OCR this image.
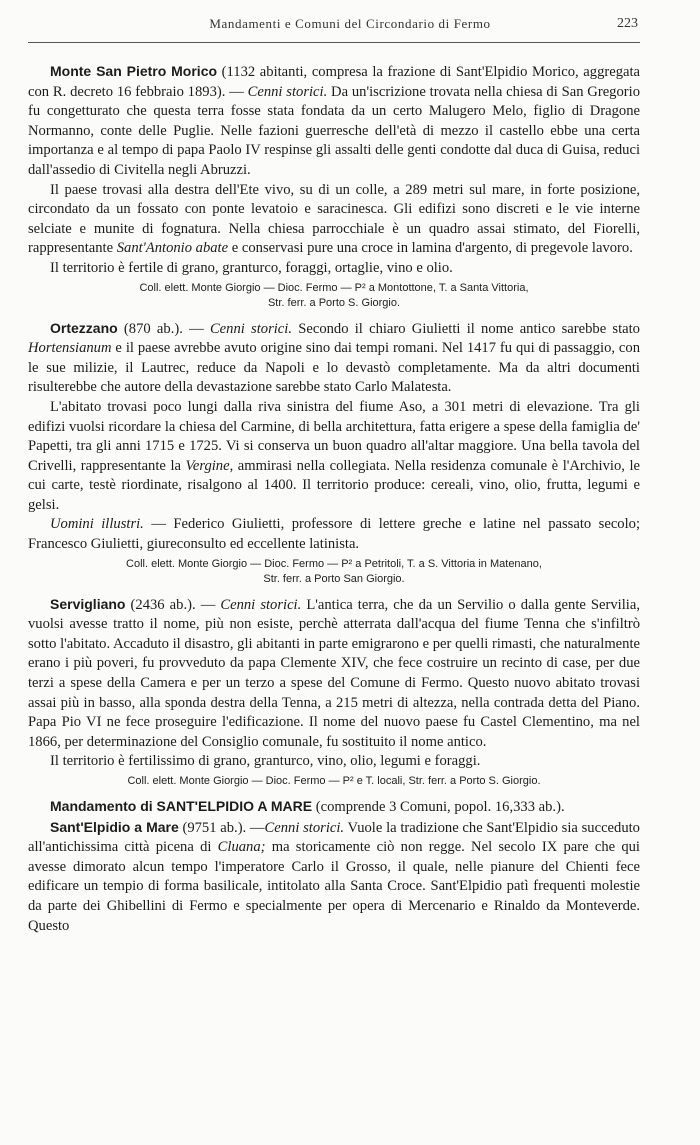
Mandamenti e Comuni del Circondario di Fermo	223

Monte San Pietro Morico (1132 abitanti, compresa la frazione di Sant'Elpidio Morico, aggregata con R. decreto 16 febbraio 1893). — Cenni storici. Da un'iscrizione trovata nella chiesa di San Gregorio fu congetturato che questa terra fosse stata fondata da un certo Malugero Melo, figlio di Dragone Normanno, conte delle Puglie. Nelle fazioni guerresche dell'età di mezzo il castello ebbe una certa importanza e al tempo di papa Paolo IV respinse gli assalti delle genti condotte dal duca di Guisa, reduci dall'assedio di Civitella negli Abruzzi.

Il paese trovasi alla destra dell'Ete vivo, su di un colle, a 289 metri sul mare, in forte posizione, circondato da un fossato con ponte levatoio e saracinesca. Gli edifizi sono discreti e le vie interne selciate e munite di fognatura. Nella chiesa parrocchiale è un quadro assai stimato, del Fiorelli, rappresentante Sant'Antonio abate e conservasi pure una croce in lamina d'argento, di pregevole lavoro.

Il territorio è fertile di grano, granturco, foraggi, ortaglie, vino e olio.

Coll. elett. Monte Giorgio — Dioc. Fermo — P² a Montottone, T. a Santa Vittoria,
Str. ferr. a Porto S. Giorgio.

Ortezzano (870 ab.). — Cenni storici. Secondo il chiaro Giulietti il nome antico sarebbe stato Hortensianum e il paese avrebbe avuto origine sino dai tempi romani. Nel 1417 fu qui di passaggio, con le sue milizie, il Lautrec, reduce da Napoli e lo devastò completamente. Ma da altri documenti risulterebbe che autore della devastazione sarebbe stato Carlo Malatesta.

L'abitato trovasi poco lungi dalla riva sinistra del fiume Aso, a 301 metri di elevazione. Tra gli edifizi vuolsi ricordare la chiesa del Carmine, di bella architettura, fatta erigere a spese della famiglia de' Papetti, tra gli anni 1715 e 1725. Vi si conserva un buon quadro all'altar maggiore. Una bella tavola del Crivelli, rappresentante la Vergine, ammirasi nella collegiata. Nella residenza comunale è l'Archivio, le cui carte, testè riordinate, risalgono al 1400. Il territorio produce: cereali, vino, olio, frutta, legumi e gelsi.

Uomini illustri. — Federico Giulietti, professore di lettere greche e latine nel passato secolo; Francesco Giulietti, giureconsulto ed eccellente latinista.

Coll. elett. Monte Giorgio — Dioc. Fermo — P² a Petritoli, T. a S. Vittoria in Matenano,
Str. ferr. a Porto San Giorgio.

Servigliano (2436 ab.). — Cenni storici. L'antica terra, che da un Servilio o dalla gente Servilia, vuolsi avesse tratto il nome, più non esiste, perchè atterrata dall'acqua del fiume Tenna che s'infiltrò sotto l'abitato. Accaduto il disastro, gli abitanti in parte emigrarono e per quelli rimasti, che naturalmente erano i più poveri, fu provveduto da papa Clemente XIV, che fece costruire un recinto di case, per due terzi a spese della Camera e per un terzo a spese del Comune di Fermo. Questo nuovo abitato trovasi assai più in basso, alla sponda destra della Tenna, a 215 metri di altezza, nella contrada detta del Piano. Papa Pio VI ne fece proseguire l'edificazione. Il nome del nuovo paese fu Castel Clementino, ma nel 1866, per determinazione del Consiglio comunale, fu sostituito il nome antico.

Il territorio è fertilissimo di grano, granturco, vino, olio, legumi e foraggi.

Coll. elett. Monte Giorgio — Dioc. Fermo — P² e T. locali, Str. ferr. a Porto S. Giorgio.

Mandamento di SANT'ELPIDIO A MARE (comprende 3 Comuni, popol. 16,333 ab.).

Sant'Elpidio a Mare (9751 ab.). —Cenni storici. Vuole la tradizione che Sant'Elpidio sia succeduto all'antichissima città picena di Cluana; ma storicamente ciò non regge. Nel secolo IX pare che qui avesse dimorato alcun tempo l'imperatore Carlo il Grosso, il quale, nelle pianure del Chienti fece edificare un tempio di forma basilicale, intitolato alla Santa Croce. Sant'Elpidio patì frequenti molestie da parte dei Ghibellini di Fermo e specialmente per opera di Mercenario e Rinaldo da Monteverde. Questo
